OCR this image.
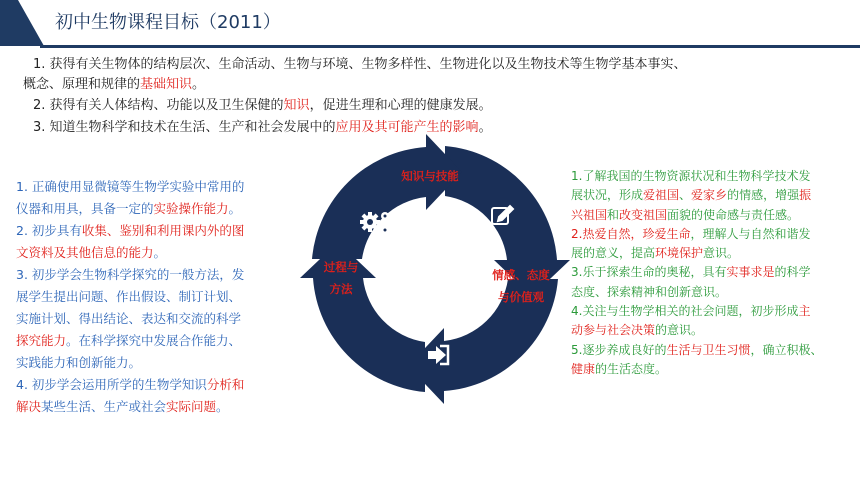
初中生物课程目标（2011）
1. 获得有关生物体的结构层次、生命活动、生物与环境、生物多样性、生物进化以及生物技术等生物学基本事实、
概念、原理和规律的基础知识。
2. 获得有关人体结构、功能以及卫生保健的知识，促进生理和心理的健康发展。
3. 知道生物科学和技术在生活、生产和社会发展中的应用及其可能产生的影响。
1. 正确使用显微镜等生物学实验中常用的
仪器和用具，具备一定的实验操作能力。
2. 初步具有收集、鉴别和利用课内外的图
文资料及其他信息的能力。
3. 初步学会生物科学探究的一般方法，发
展学生提出问题、作出假设、制订计划、
实施计划、得出结论、表达和交流的科学
探究能力。在科学探究中发展合作能力、
实践能力和创新能力。
4. 初步学会运用所学的生物学知识分析和
解决某些生活、生产或社会实际问题。
知识与技能
过程与
方法
情感、态度
与价值观
1.了解我国的生物资源状况和生物科学技术发
展状况，形成爱祖国、爱家乡的情感，增强振
兴祖国和改变祖国面貌的使命感与责任感。
2.热爱自然，珍爱生命，理解人与自然和谐发
展的意义，提高环境保护意识。
3.乐于探索生命的奥秘，具有实事求是的科学
态度、探索精神和创新意识。
4.关注与生物学相关的社会问题，初步形成主
动参与社会决策的意识。
5.逐步养成良好的生活与卫生习惯，确立积极、
健康的生活态度。
